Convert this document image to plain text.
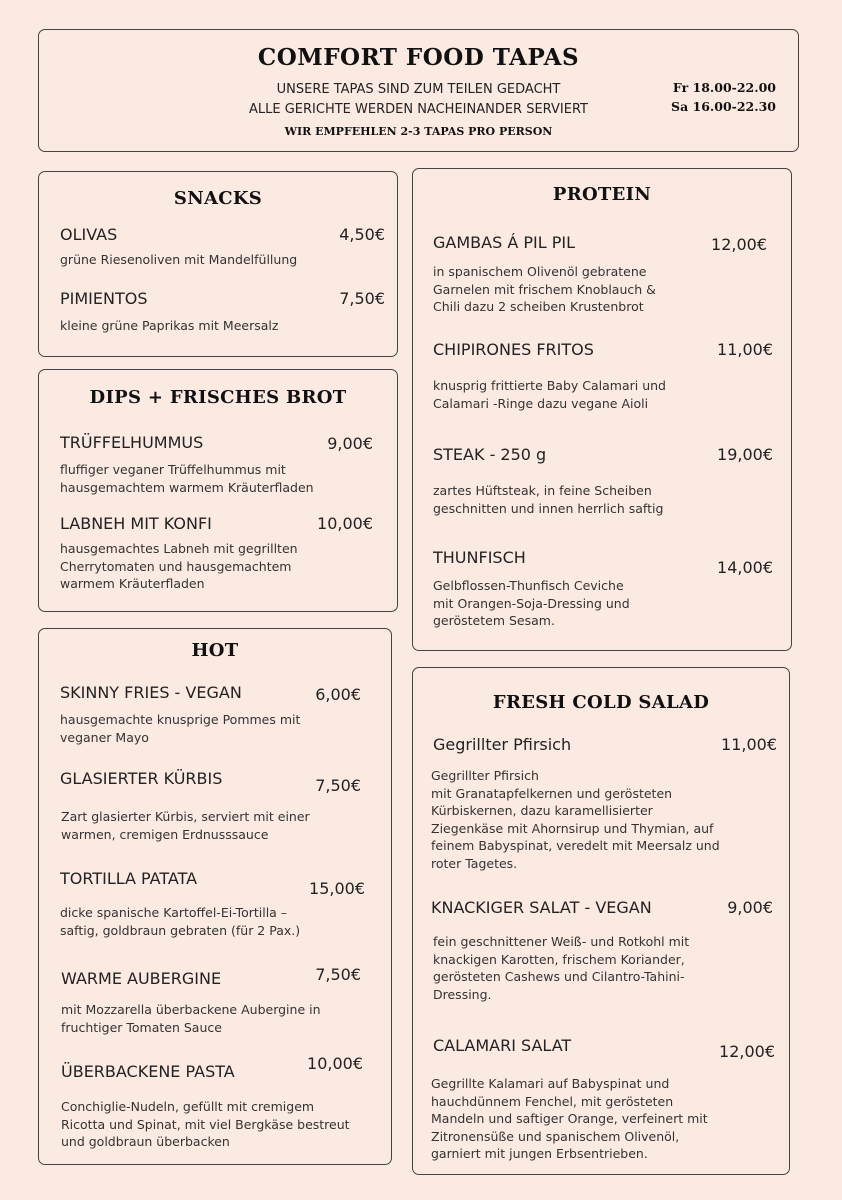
COMFORT FOOD TAPAS
UNSERE TAPAS SIND ZUM TEILEN GEDACHT
ALLE GERICHTE WERDEN NACHEINANDER SERVIERT
WIR EMPFEHLEN 2-3 TAPAS PRO PERSON
Fr 18.00-22.00
Sa 16.00-22.30
SNACKS
OLIVAS	4,50€
grüne Riesenoliven mit Mandelfüllung
PIMIENTOS	7,50€
kleine grüne Paprikas mit Meersalz
DIPS + FRISCHES BROT
TRÜFFELHUMMUS	9,00€
fluffiger veganer Trüffelhummus mit
hausgemachtem warmem Kräuterfladen
LABNEH MIT KONFI	10,00€
hausgemachtes Labneh mit gegrillten
Cherrytomaten und hausgemachtem
warmem Kräuterfladen
HOT
SKINNY FRIES - VEGAN	6,00€
hausgemachte knusprige Pommes mit
veganer Mayo
GLASIERTER KÜRBIS	7,50€
Zart glasierter Kürbis, serviert mit einer
warmen, cremigen Erdnusssauce
TORTILLA PATATA
15,00€
dicke spanische Kartoffel-Ei-Tortilla –
saftig, goldbraun gebraten (für 2 Pax.)
WARME AUBERGINE	7,50€
mit Mozzarella überbackene Aubergine in
fruchtiger Tomaten Sauce
ÜBERBACKENE PASTA	10,00€
Conchiglie-Nudeln, gefüllt mit cremigem
Ricotta und Spinat, mit viel Bergkäse bestreut
und goldbraun überbacken
PROTEIN
GAMBAS Á PIL PIL	12,00€
in spanischem Olivenöl gebratene
Garnelen mit frischem Knoblauch &
Chili dazu 2 scheiben Krustenbrot
CHIPIRONES FRITOS	11,00€
knusprig frittierte Baby Calamari und
Calamari -Ringe dazu vegane Aioli
STEAK - 250 g	19,00€
zartes Hüftsteak, in feine Scheiben
geschnitten und innen herrlich saftig
THUNFISCH
14,00€
Gelbflossen-Thunfisch Ceviche
mit Orangen-Soja-Dressing und
geröstetem Sesam.
FRESH COLD SALAD
Gegrillter Pfirsich	11,00€
Gegrillter Pfirsich
mit Granatapfelkernen und gerösteten
Kürbiskernen, dazu karamellisierter
Ziegenkäse mit Ahornsirup und Thymian, auf
feinem Babyspinat, veredelt mit Meersalz und
roter Tagetes.
KNACKIGER SALAT - VEGAN	9,00€
fein geschnittener Weiß- und Rotkohl mit
knackigen Karotten, frischem Koriander,
gerösteten Cashews und Cilantro-Tahini-
Dressing.
CALAMARI SALAT	12,00€
Gegrillte Kalamari auf Babyspinat und
hauchdünnem Fenchel, mit gerösteten
Mandeln und saftiger Orange, verfeinert mit
Zitronensüße und spanischem Olivenöl,
garniert mit jungen Erbsentrieben.
